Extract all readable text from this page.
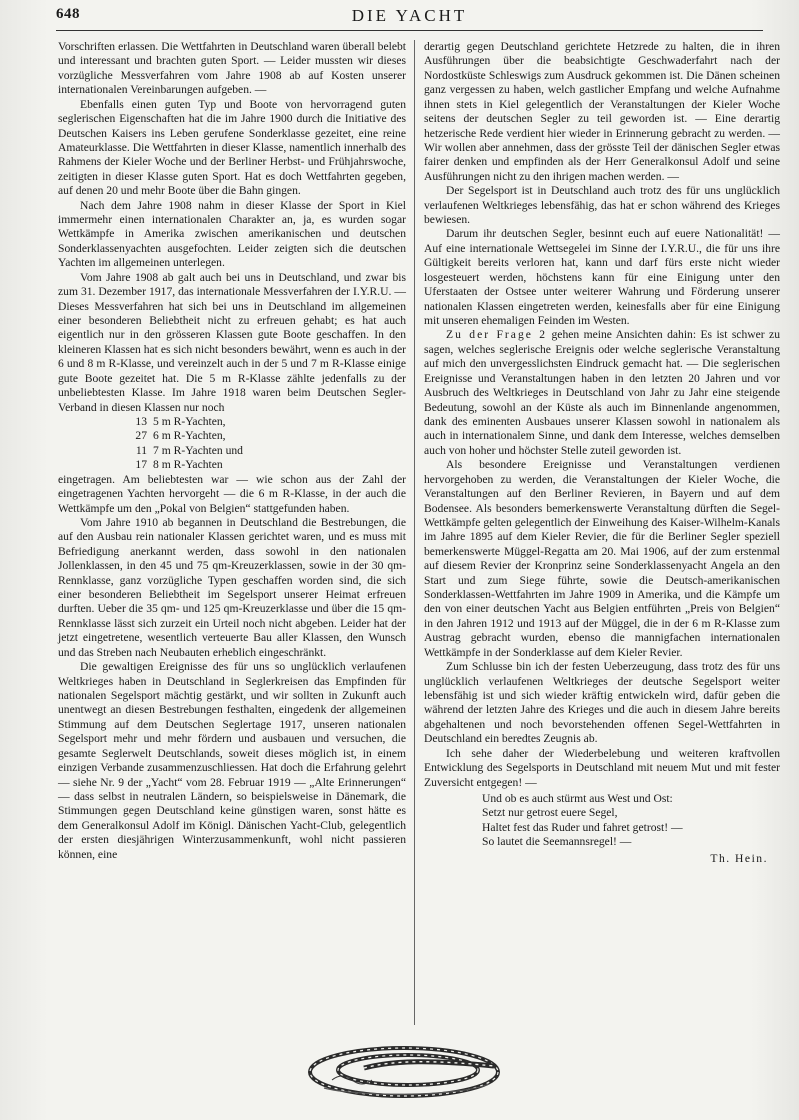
648	DIE YACHT

Vorschriften erlassen. Die Wettfahrten in Deutschland waren überall belebt und interessant und brachten guten Sport. — Leider mussten wir dieses vorzügliche Messverfahren vom Jahre 1908 ab auf Kosten unserer internationalen Vereinbarungen aufgeben. —

Ebenfalls einen guten Typ und Boote von hervorragend guten seglerischen Eigenschaften hat die im Jahre 1900 durch die Initiative des Deutschen Kaisers ins Leben gerufene Sonderklasse gezeitet, eine reine Amateurklasse. Die Wettfahrten in dieser Klasse, namentlich innerhalb des Rahmens der Kieler Woche und der Berliner Herbst- und Frühjahrswoche, zeitigten in dieser Klasse guten Sport. Hat es doch Wettfahrten gegeben, auf denen 20 und mehr Boote über die Bahn gingen.

Nach dem Jahre 1908 nahm in dieser Klasse der Sport in Kiel immermehr einen internationalen Charakter an, ja, es wurden sogar Wettkämpfe in Amerika zwischen amerikanischen und deutschen Sonderklassenyachten ausgefochten. Leider zeigten sich die deutschen Yachten im allgemeinen unterlegen.

Vom Jahre 1908 ab galt auch bei uns in Deutschland, und zwar bis zum 31. Dezember 1917, das internationale Messverfahren der I.Y.R.U. — Dieses Messverfahren hat sich bei uns in Deutschland im allgemeinen einer besonderen Beliebtheit nicht zu erfreuen gehabt; es hat auch eigentlich nur in den grösseren Klassen gute Boote geschaffen. In den kleineren Klassen hat es sich nicht besonders bewährt, wenn es auch in der 6 und 8 m R-Klasse, und vereinzelt auch in der 5 und 7 m R-Klasse einige gute Boote gezeitet hat. Die 5 m R-Klasse zählte jedenfalls zu der unbeliebtesten Klasse. Im Jahre 1918 waren beim Deutschen Segler-Verband in diesen Klassen nur noch

13 5 m R-Yachten,
27 6 m R-Yachten,
11 7 m R-Yachten und
17 8 m R-Yachten

eingetragen. Am beliebtesten war — wie schon aus der Zahl der eingetragenen Yachten hervorgeht — die 6 m R-Klasse, in der auch die Wettkämpfe um den „Pokal von Belgien“ stattgefunden haben.

Vom Jahre 1910 ab begannen in Deutschland die Bestrebungen, die auf den Ausbau rein nationaler Klassen gerichtet waren, und es muss mit Befriedigung anerkannt werden, dass sowohl in den nationalen Jollenklassen, in den 45 und 75 qm-Kreuzerklassen, sowie in der 30 qm-Rennklasse, ganz vorzügliche Typen geschaffen worden sind, die sich einer besonderen Beliebtheit im Segelsport unserer Heimat erfreuen durften. Ueber die 35 qm- und 125 qm-Kreuzerklasse und über die 15 qm-Rennklasse lässt sich zurzeit ein Urteil noch nicht abgeben. Leider hat der jetzt eingetretene, wesentlich verteuerte Bau aller Klassen, den Wunsch und das Streben nach Neubauten erheblich eingeschränkt.

Die gewaltigen Ereignisse des für uns so unglücklich verlaufenen Weltkrieges haben in Deutschland in Seglerkreisen das Empfinden für nationalen Segelsport mächtig gestärkt, und wir sollten in Zukunft auch unentwegt an diesen Bestrebungen festhalten, eingedenk der allgemeinen Stimmung auf dem Deutschen Seglertage 1917, unseren nationalen Segelsport mehr und mehr fördern und ausbauen und versuchen, die gesamte Seglerwelt Deutschlands, soweit dieses möglich ist, in einem einzigen Verbande zusammenzuschliessen. Hat doch die Erfahrung gelehrt — siehe Nr. 9 der „Yacht“ vom 28. Februar 1919 — „Alte Erinnerungen“ — dass selbst in neutralen Ländern, so beispielsweise in Dänemark, die Stimmungen gegen Deutschland keine günstigen waren, sonst hätte es dem Generalkonsul Adolf im Königl. Dänischen Yacht-Club, gelegentlich der ersten diesjährigen Winterzusammenkunft, wohl nicht passieren können, eine

derartig gegen Deutschland gerichtete Hetzrede zu halten, die in ihren Ausführungen über die beabsichtigte Geschwaderfahrt nach der Nordostküste Schleswigs zum Ausdruck gekommen ist. Die Dänen scheinen ganz vergessen zu haben, welch gastlicher Empfang und welche Aufnahme ihnen stets in Kiel gelegentlich der Veranstaltungen der Kieler Woche seitens der deutschen Segler zu teil geworden ist. — Eine derartig hetzerische Rede verdient hier wieder in Erinnerung gebracht zu werden. — Wir wollen aber annehmen, dass der grösste Teil der dänischen Segler etwas fairer denken und empfinden als der Herr Generalkonsul Adolf und seine Ausführungen nicht zu den ihrigen machen werden. —

Der Segelsport ist in Deutschland auch trotz des für uns unglücklich verlaufenen Weltkrieges lebensfähig, das hat er schon während des Krieges bewiesen.

Darum ihr deutschen Segler, besinnt euch auf euere Nationalität! — Auf eine internationale Wettsegelei im Sinne der I.Y.R.U., die für uns ihre Gültigkeit bereits verloren hat, kann und darf fürs erste nicht wieder losgesteuert werden, höchstens kann für eine Einigung unter den Uferstaaten der Ostsee unter weiterer Wahrung und Förderung unserer nationalen Klassen eingetreten werden, keinesfalls aber für eine Einigung mit unseren ehemaligen Feinden im Westen.

Zu der Frage 2 gehen meine Ansichten dahin: Es ist schwer zu sagen, welches seglerische Ereignis oder welche seglerische Veranstaltung auf mich den unvergesslichsten Eindruck gemacht hat. — Die seglerischen Ereignisse und Veranstaltungen haben in den letzten 20 Jahren und vor Ausbruch des Weltkrieges in Deutschland von Jahr zu Jahr eine steigende Bedeutung, sowohl an der Küste als auch im Binnenlande angenommen, dank des eminenten Ausbaues unserer Klassen sowohl in nationalem als auch in internationalem Sinne, und dank dem Interesse, welches demselben auch von hoher und höchster Stelle zuteil geworden ist.

Als besondere Ereignisse und Veranstaltungen verdienen hervorgehoben zu werden, die Veranstaltungen der Kieler Woche, die Veranstaltungen auf den Berliner Revieren, in Bayern und auf dem Bodensee. Als besonders bemerkenswerte Veranstaltung dürften die Segel-Wettkämpfe gelten gelegentlich der Einweihung des Kaiser-Wilhelm-Kanals im Jahre 1895 auf dem Kieler Revier, die für die Berliner Segler speziell bemerkenswerte Müggel-Regatta am 20. Mai 1906, auf der zum erstenmal auf diesem Revier der Kronprinz seine Sonderklassenyacht Angela an den Start und zum Siege führte, sowie die Deutsch-amerikanischen Sonderklassen-Wettfahrten im Jahre 1909 in Amerika, und die Kämpfe um den von einer deutschen Yacht aus Belgien entführten „Preis von Belgien“ in den Jahren 1912 und 1913 auf der Müggel, die in der 6 m R-Klasse zum Austrag gebracht wurden, ebenso die mannigfachen internationalen Wettkämpfe in der Sonderklasse auf dem Kieler Revier.

Zum Schlusse bin ich der festen Ueberzeugung, dass trotz des für uns unglücklich verlaufenen Weltkrieges der deutsche Segelsport weiter lebensfähig ist und sich wieder kräftig entwickeln wird, dafür geben die während der letzten Jahre des Krieges und die auch in diesem Jahre bereits abgehaltenen und noch bevorstehenden offenen Segel-Wettfahrten in Deutschland ein beredtes Zeugnis ab.

Ich sehe daher der Wiederbelebung und weiteren kraftvollen Entwicklung des Segelsports in Deutschland mit neuem Mut und mit fester Zuversicht entgegen! —

Und ob es auch stürmt aus West und Ost:
Setzt nur getrost euere Segel,
Haltet fest das Ruder und fahret getrost! —
So lautet die Seemannsregel! —
Th. Hein.
